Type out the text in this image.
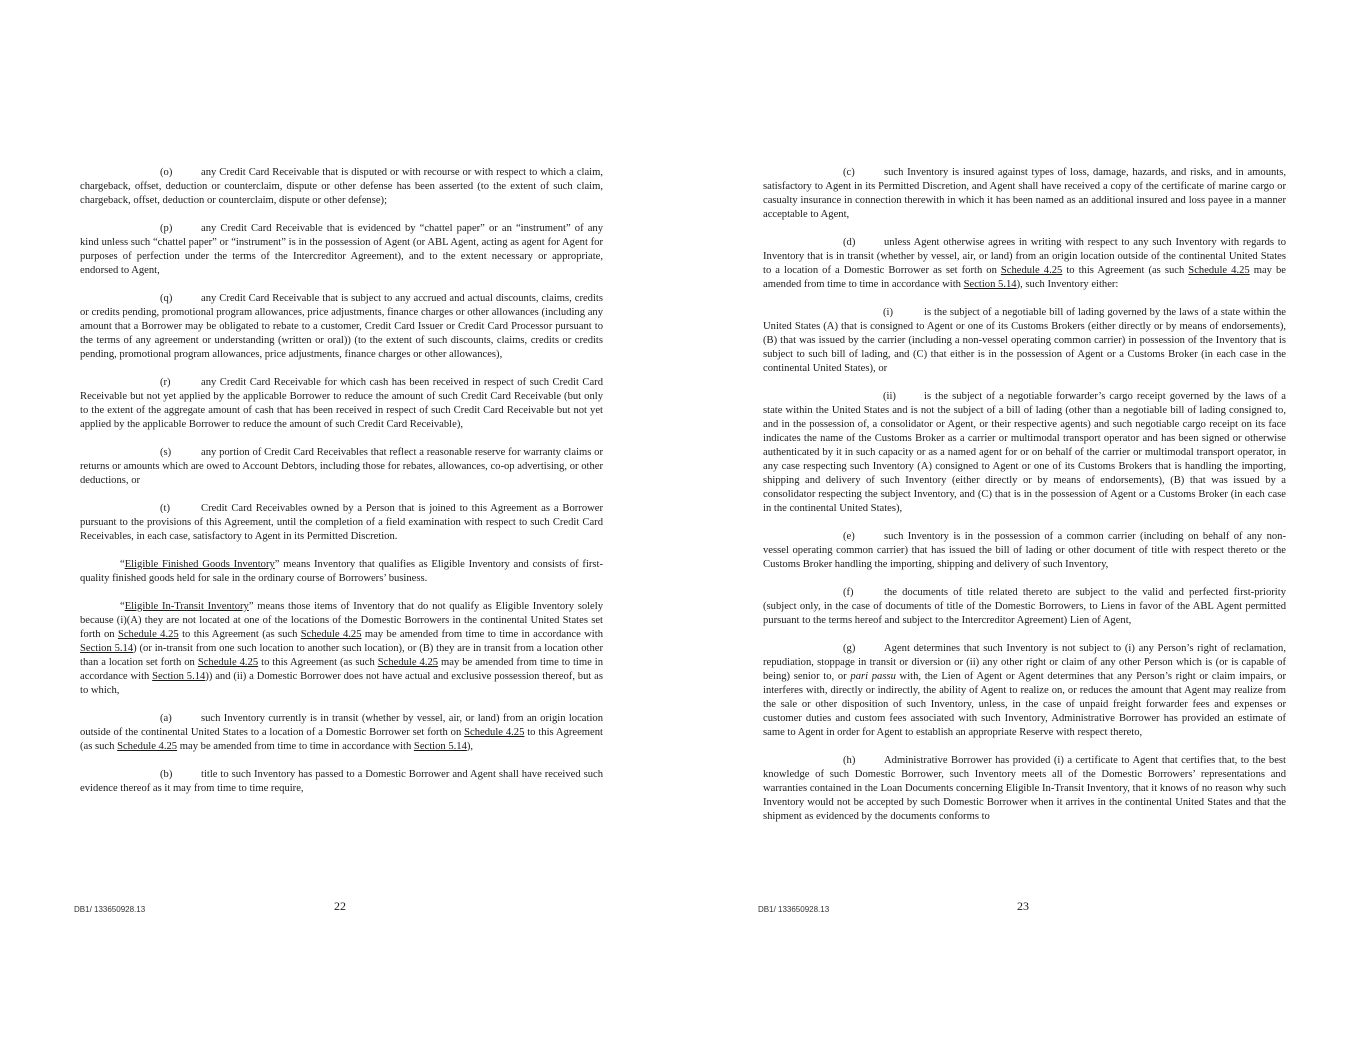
(o)	any Credit Card Receivable that is disputed or with recourse or with respect to which a claim, chargeback, offset, deduction or counterclaim, dispute or other defense has been asserted (to the extent of such claim, chargeback, offset, deduction or counterclaim, dispute or other defense);

(p)	any Credit Card Receivable that is evidenced by “chattel paper” or an “instrument” of any kind unless such “chattel paper” or “instrument” is in the possession of Agent (or ABL Agent, acting as agent for Agent for purposes of perfection under the terms of the Intercreditor Agreement), and to the extent necessary or appropriate, endorsed to Agent,

(q)	any Credit Card Receivable that is subject to any accrued and actual discounts, claims, credits or credits pending, promotional program allowances, price adjustments, finance charges or other allowances (including any amount that a Borrower may be obligated to rebate to a customer, Credit Card Issuer or Credit Card Processor pursuant to the terms of any agreement or understanding (written or oral)) (to the extent of such discounts, claims, credits or credits pending, promotional program allowances, price adjustments, finance charges or other allowances),

(r)	any Credit Card Receivable for which cash has been received in respect of such Credit Card Receivable but not yet applied by the applicable Borrower to reduce the amount of such Credit Card Receivable (but only to the extent of the aggregate amount of cash that has been received in respect of such Credit Card Receivable but not yet applied by the applicable Borrower to reduce the amount of such Credit Card Receivable),

(s)	any portion of Credit Card Receivables that reflect a reasonable reserve for warranty claims or returns or amounts which are owed to Account Debtors, including those for rebates, allowances, co-op advertising, or other deductions, or

(t)	Credit Card Receivables owned by a Person that is joined to this Agreement as a Borrower pursuant to the provisions of this Agreement, until the completion of a field examination with respect to such Credit Card Receivables, in each case, satisfactory to Agent in its Permitted Discretion.

“Eligible Finished Goods Inventory” means Inventory that qualifies as Eligible Inventory and consists of first-quality finished goods held for sale in the ordinary course of Borrowers’ business.

“Eligible In-Transit Inventory” means those items of Inventory that do not qualify as Eligible Inventory solely because (i)(A) they are not located at one of the locations of the Domestic Borrowers in the continental United States set forth on Schedule 4.25 to this Agreement (as such Schedule 4.25 may be amended from time to time in accordance with Section 5.14) (or in-transit from one such location to another such location), or (B) they are in transit from a location other than a location set forth on Schedule 4.25 to this Agreement (as such Schedule 4.25 may be amended from time to time in accordance with Section 5.14)) and (ii) a Domestic Borrower does not have actual and exclusive possession thereof, but as to which,

(a)	such Inventory currently is in transit (whether by vessel, air, or land) from an origin location outside of the continental United States to a location of a Domestic Borrower set forth on Schedule 4.25 to this Agreement (as such Schedule 4.25 may be amended from time to time in accordance with Section 5.14),

(b)	title to such Inventory has passed to a Domestic Borrower and Agent shall have received such evidence thereof as it may from time to time require,

DB1/ 133650928.13	22

(c)	such Inventory is insured against types of loss, damage, hazards, and risks, and in amounts, satisfactory to Agent in its Permitted Discretion, and Agent shall have received a copy of the certificate of marine cargo or casualty insurance in connection therewith in which it has been named as an additional insured and loss payee in a manner acceptable to Agent,

(d)	unless Agent otherwise agrees in writing with respect to any such Inventory with regards to Inventory that is in transit (whether by vessel, air, or land) from an origin location outside of the continental United States to a location of a Domestic Borrower as set forth on Schedule 4.25 to this Agreement (as such Schedule 4.25 may be amended from time to time in accordance with Section 5.14), such Inventory either:

(i)	is the subject of a negotiable bill of lading governed by the laws of a state within the United States (A) that is consigned to Agent or one of its Customs Brokers (either directly or by means of endorsements), (B) that was issued by the carrier (including a non-vessel operating common carrier) in possession of the Inventory that is subject to such bill of lading, and (C) that either is in the possession of Agent or a Customs Broker (in each case in the continental United States), or

(ii)	is the subject of a negotiable forwarder’s cargo receipt governed by the laws of a state within the United States and is not the subject of a bill of lading (other than a negotiable bill of lading consigned to, and in the possession of, a consolidator or Agent, or their respective agents) and such negotiable cargo receipt on its face indicates the name of the Customs Broker as a carrier or multimodal transport operator and has been signed or otherwise authenticated by it in such capacity or as a named agent for or on behalf of the carrier or multimodal transport operator, in any case respecting such Inventory (A) consigned to Agent or one of its Customs Brokers that is handling the importing, shipping and delivery of such Inventory (either directly or by means of endorsements), (B) that was issued by a consolidator respecting the subject Inventory, and (C) that is in the possession of Agent or a Customs Broker (in each case in the continental United States),

(e)	such Inventory is in the possession of a common carrier (including on behalf of any non-vessel operating common carrier) that has issued the bill of lading or other document of title with respect thereto or the Customs Broker handling the importing, shipping and delivery of such Inventory,

(f)	the documents of title related thereto are subject to the valid and perfected first-priority (subject only, in the case of documents of title of the Domestic Borrowers, to Liens in favor of the ABL Agent permitted pursuant to the terms hereof and subject to the Intercreditor Agreement) Lien of Agent,

(g)	Agent determines that such Inventory is not subject to (i) any Person’s right of reclamation, repudiation, stoppage in transit or diversion or (ii) any other right or claim of any other Person which is (or is capable of being) senior to, or pari passu with, the Lien of Agent or Agent determines that any Person’s right or claim impairs, or interferes with, directly or indirectly, the ability of Agent to realize on, or reduces the amount that Agent may realize from the sale or other disposition of such Inventory, unless, in the case of unpaid freight forwarder fees and expenses or customer duties and custom fees associated with such Inventory, Administrative Borrower has provided an estimate of same to Agent in order for Agent to establish an appropriate Reserve with respect thereto,

(h)	Administrative Borrower has provided (i) a certificate to Agent that certifies that, to the best knowledge of such Domestic Borrower, such Inventory meets all of the Domestic Borrowers’ representations and warranties contained in the Loan Documents concerning Eligible In-Transit Inventory, that it knows of no reason why such Inventory would not be accepted by such Domestic Borrower when it arrives in the continental United States and that the shipment as evidenced by the documents conforms to

DB1/ 133650928.13	23
